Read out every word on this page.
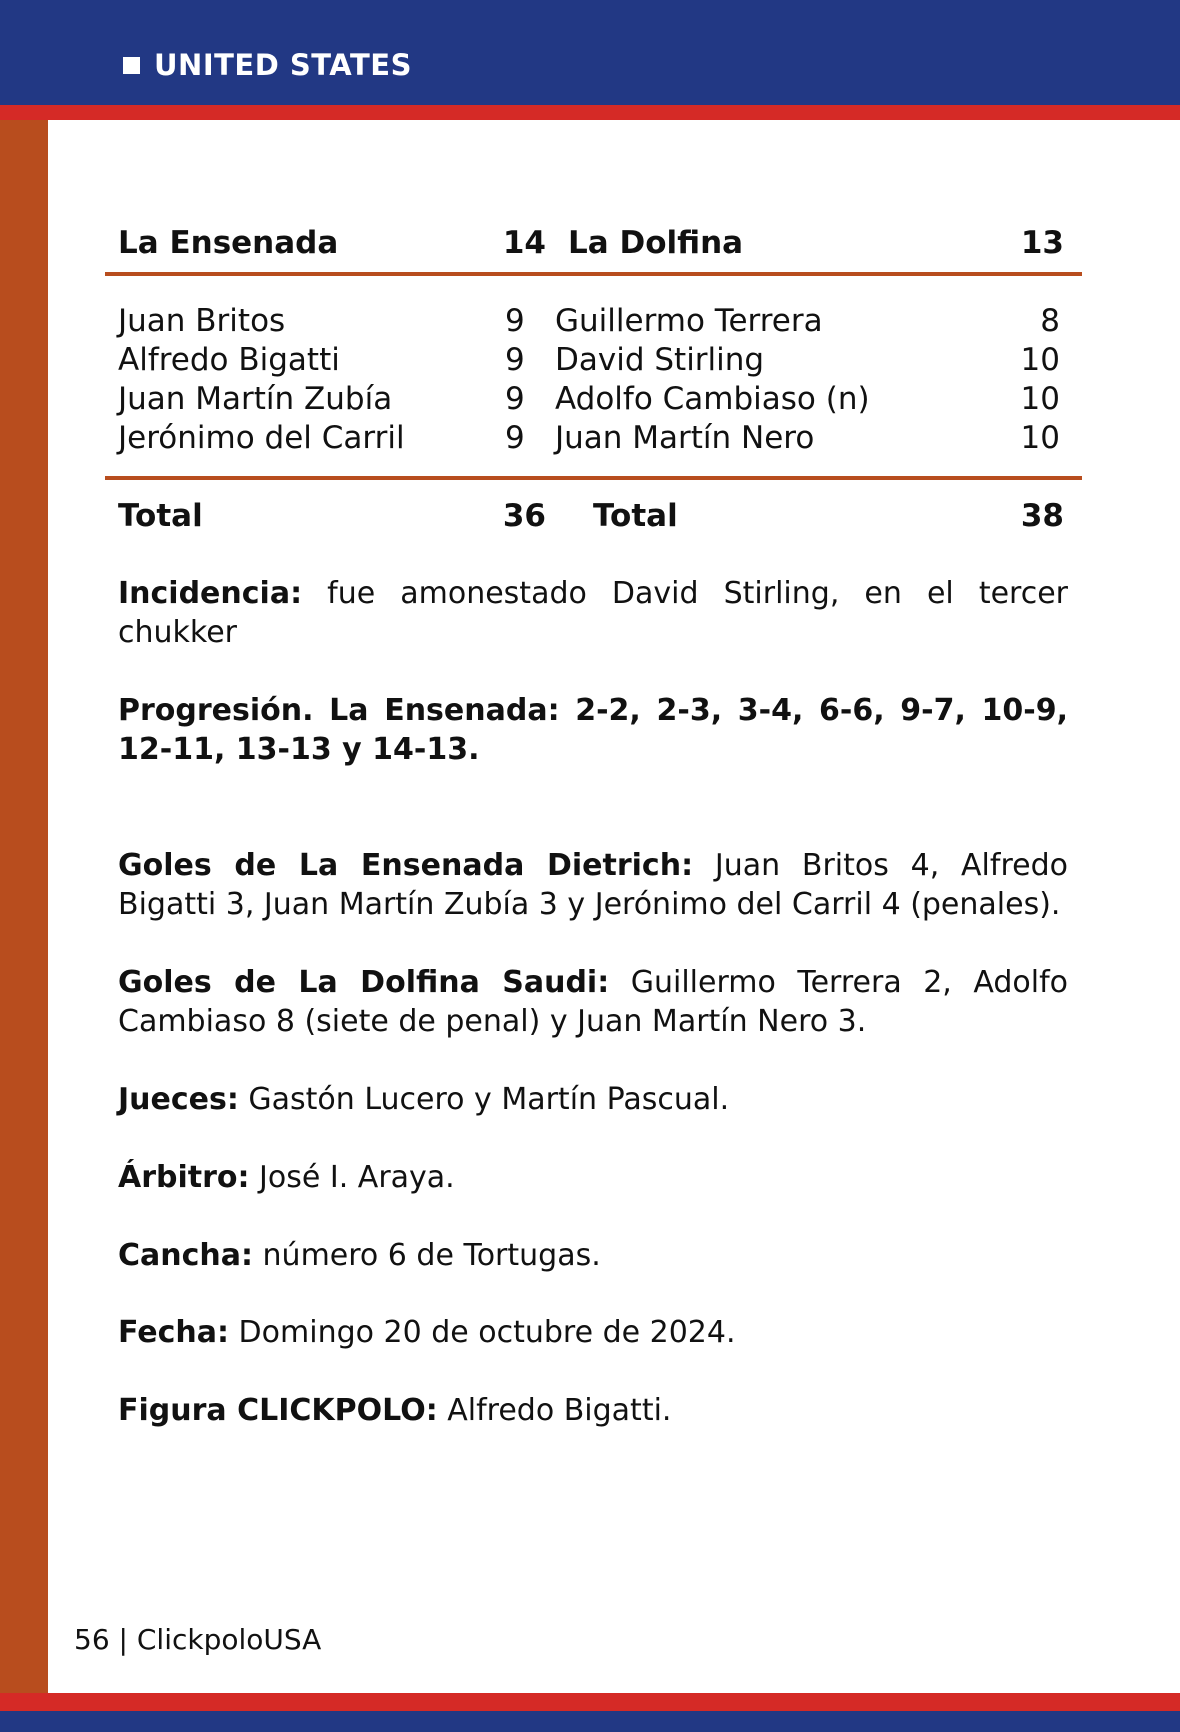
UNITED STATES
La Ensenada	14 La Dolfina	13
Juan Britos	9 Guillermo Terrera	8
Alfredo Bigatti	9 David Stirling	10
Juan Martín Zubía	9 Adolfo Cambiaso (n)	10
Jerónimo del Carril	9 Juan Martín Nero	10
Total	36 Total	38
Incidencia: fue amonestado David Stirling, en el tercer chukker
Progresión. La Ensenada: 2-2, 2-3, 3-4, 6-6, 9-7, 10-9, 12-11, 13-13 y 14-13.
Goles de La Ensenada Dietrich: Juan Britos 4, Alfredo Bigatti 3, Juan Martín Zubía 3 y Jerónimo del Carril 4 (penales).
Goles de La Dolfina Saudi: Guillermo Terrera 2, Adolfo Cambiaso 8 (siete de penal) y Juan Martín Nero 3.
Jueces: Gastón Lucero y Martín Pascual.
Árbitro: José I. Araya.
Cancha: número 6 de Tortugas.
Fecha: Domingo 20 de octubre de 2024.
Figura CLICKPOLO: Alfredo Bigatti.
56 | ClickpoloUSA
